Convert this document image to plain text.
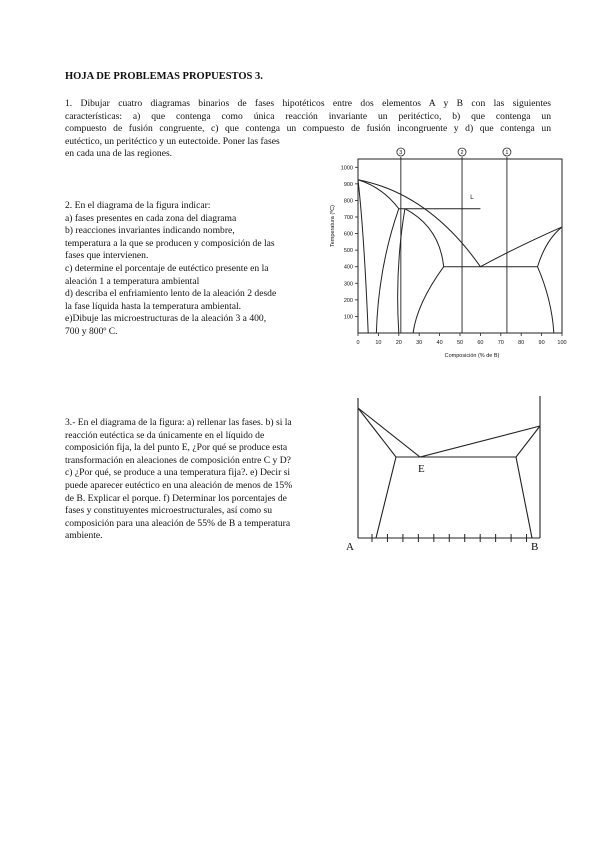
HOJA DE PROBLEMAS PROPUESTOS 3.
1. Dibujar cuatro diagramas binarios de fases hipotéticos entre dos elementos A y B con las siguientes
características: a) que contenga como única reacción invariante un peritéctico, b) que contenga un
compuesto de fusión congruente, c) que contenga un compuesto de fusión incongruente y d) que contenga un
eutéctico, un peritéctico y un eutectoide. Poner las fases
en cada una de las regiones.
2. En el diagrama de la figura indicar:
a) fases presentes en cada zona del diagrama
b) reacciones invariantes indicando nombre,
temperatura a la que se producen y composición de las
fases que intervienen.
c) determine el porcentaje de eutéctico presente en la
aleación 1 a temperatura ambiental
d) describa el enfriamiento lento de la aleación 2 desde
la fase líquida hasta la temperatura ambiental.
e)Dibuje las microestructuras de la aleación 3 a 400,
700 y 800º C.
3.- En el diagrama de la figura: a) rellenar las fases. b) si la
reacción eutéctica se da únicamente en el líquido de
composición fija, la del punto E, ¿Por qué se produce esta
transformación en aleaciones de composición entre C y D?
c) ¿Por qué, se produce a una temperatura fija?. e) Decir si
puede aparecer eutéctico en una aleación de menos de 15%
de B. Explicar el porque. f) Determinar los porcentajes de
fases y constituyentes microestructurales, así como su
composición para una aleación de 55% de B a temperatura
ambiente.
0	10	20	30	40	50	60	70	80	90 100
100
200
300
400
500
600
700
800
900
1000
Composición (% de B)
Temperatura (ºC)
L
1
2
3
A	B
E
